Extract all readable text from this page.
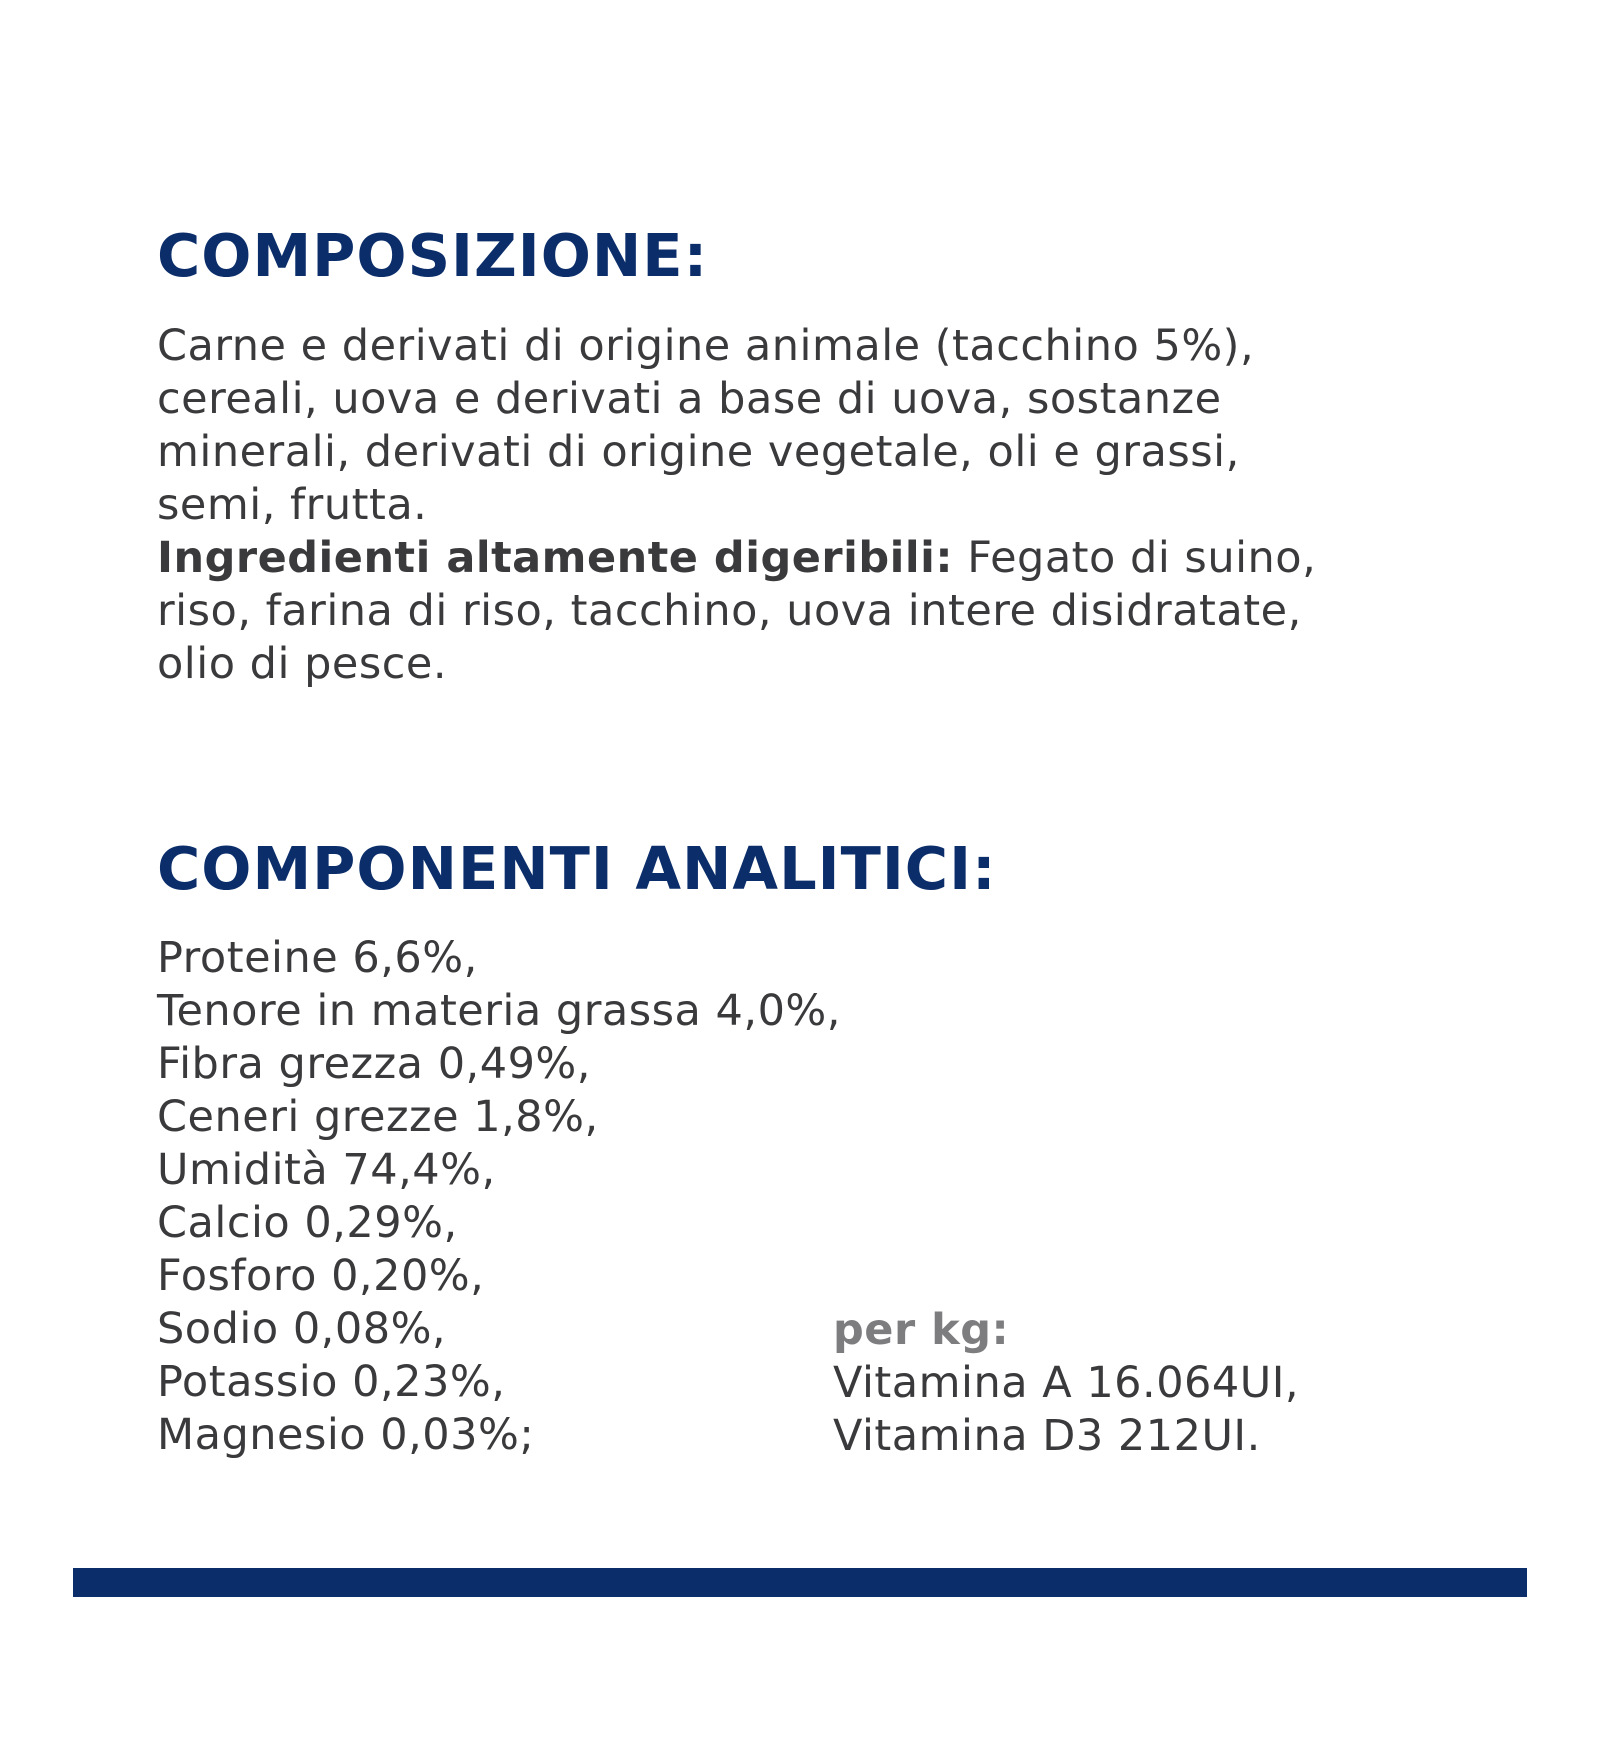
COMPOSIZIONE:
Carne e derivati di origine animale (tacchino 5%),
cereali, uova e derivati a base di uova, sostanze
minerali, derivati di origine vegetale, oli e grassi,
semi, frutta.
Ingredienti altamente digeribili: Fegato di suino,
riso, farina di riso, tacchino, uova intere disidratate,
olio di pesce.
COMPONENTI ANALITICI:
Proteine 6,6%,
Tenore in materia grassa 4,0%,
Fibra grezza 0,49%,
Ceneri grezze 1,8%,
Umidità 74,4%,
Calcio 0,29%,
Fosforo 0,20%,
Sodio 0,08%,
Potassio 0,23%,
Magnesio 0,03%;
per kg:
Vitamina A 16.064UI,
Vitamina D3 212UI.
